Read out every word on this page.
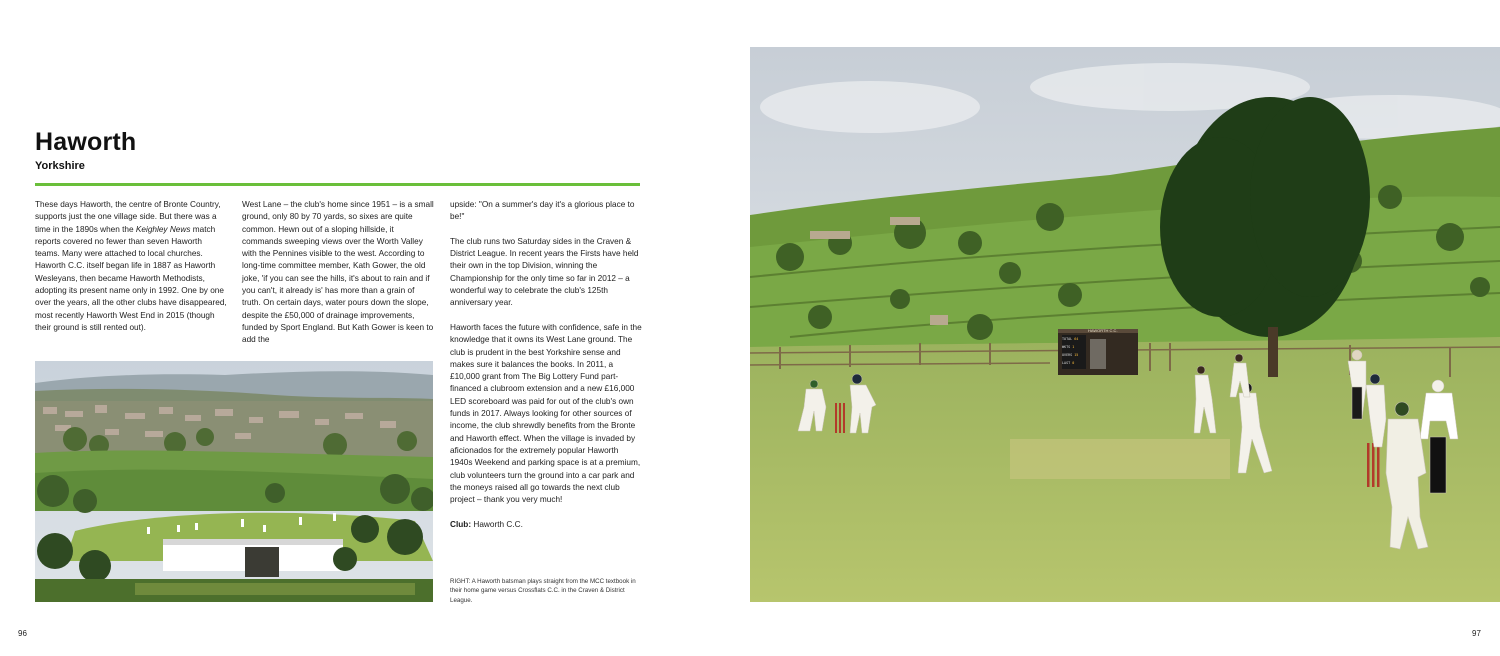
Haworth
Yorkshire

These days Haworth, the centre of Bronte Country, supports just the one village side. But there was a time in the 1890s when the Keighley News match reports covered no fewer than seven Haworth teams. Many were attached to local churches. Haworth C.C. itself began life in 1887 as Haworth Wesleyans, then became Haworth Methodists, adopting its present name only in 1992. One by one over the years, all the other clubs have disappeared, most recently Haworth West End in 2015 (though their ground is still rented out).

West Lane – the club's home since 1951 – is a small ground, only 80 by 70 yards, so sixes are quite common. Hewn out of a sloping hillside, it commands sweeping views over the Worth Valley with the Pennines visible to the west. According to long-time committee member, Kath Gower, the old joke, 'if you can see the hills, it's about to rain and if you can't, it already is' has more than a grain of truth. On certain days, water pours down the slope, despite the £50,000 of drainage improvements, funded by Sport England. But Kath Gower is keen to add the

upside: "On a summer's day it's a glorious place to be!"

The club runs two Saturday sides in the Craven & District League. In recent years the Firsts have held their own in the top Division, winning the Championship for the only time so far in 2012 – a wonderful way to celebrate the club's 125th anniversary year.

Haworth faces the future with confidence, safe in the knowledge that it owns its West Lane ground. The club is prudent in the best Yorkshire sense and makes sure it balances the books. In 2011, a £10,000 grant from The Big Lottery Fund part-financed a clubroom extension and a new £16,000 LED scoreboard was paid for out of the club's own funds in 2017. Always looking for other sources of income, the club shrewdly benefits from the Bronte and Haworth effect. When the village is invaded by aficionados for the extremely popular Haworth 1940s Weekend and parking space is at a premium, club volunteers turn the ground into a car park and the moneys raised all go towards the next club project – thank you very much!

Club: Haworth C.C.

RIGHT: A Haworth batsman plays straight from the MCC textbook in their home game versus Crossflats C.C. in the Craven & District League.
TOTAL 64
WKTS 1
OVERS 15
LAST 0
HAWORTH C.C.
96	97
